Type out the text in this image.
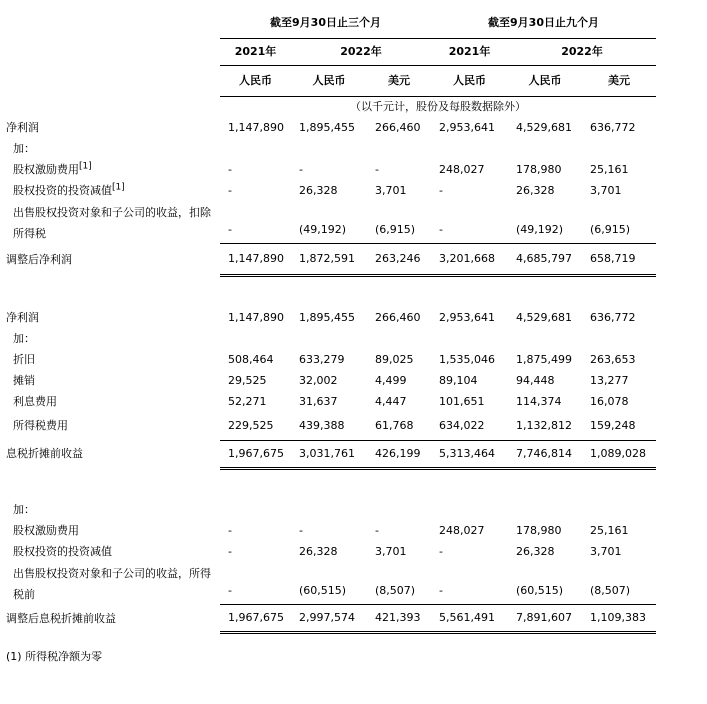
	截至9月30日止三个月			截至9月30日止九个月		
	2021年	2022年		2021年	2022年	
	人民币	人民币	美元	人民币	人民币	美元
	（以千元计，股份及每股数据除外）					
净利润	1,147,890	1,895,455	266,460	2,953,641	4,529,681	636,772
加：						
股权激励费用[1]	-	-	-	248,027	178,980	25,161
股权投资的投资减值[1]	-	26,328	3,701	-	26,328	3,701
出售股权投资对象和子公司的收益，扣除所得税	-	(49,192)	(6,915)	-	(49,192)	(6,915)
调整后净利润	1,147,890	1,872,591	263,246	3,201,668	4,685,797	658,719

净利润	1,147,890	1,895,455	266,460	2,953,641	4,529,681	636,772
加：						
折旧	508,464	633,279	89,025	1,535,046	1,875,499	263,653
摊销	29,525	32,002	4,499	89,104	94,448	13,277
利息费用	52,271	31,637	4,447	101,651	114,374	16,078
所得税费用	229,525	439,388	61,768	634,022	1,132,812	159,248
息税折摊前收益	1,967,675	3,031,761	426,199	5,313,464	7,746,814	1,089,028

加：						
股权激励费用	-	-	-	248,027	178,980	25,161
股权投资的投资减值	-	26,328	3,701	-	26,328	3,701
出售股权投资对象和子公司的收益，所得税前	-	(60,515)	(8,507)	-	(60,515)	(8,507)
调整后息税折摊前收益	1,967,675	2,997,574	421,393	5,561,491	7,891,607	1,109,383
(1) 所得税净额为零
